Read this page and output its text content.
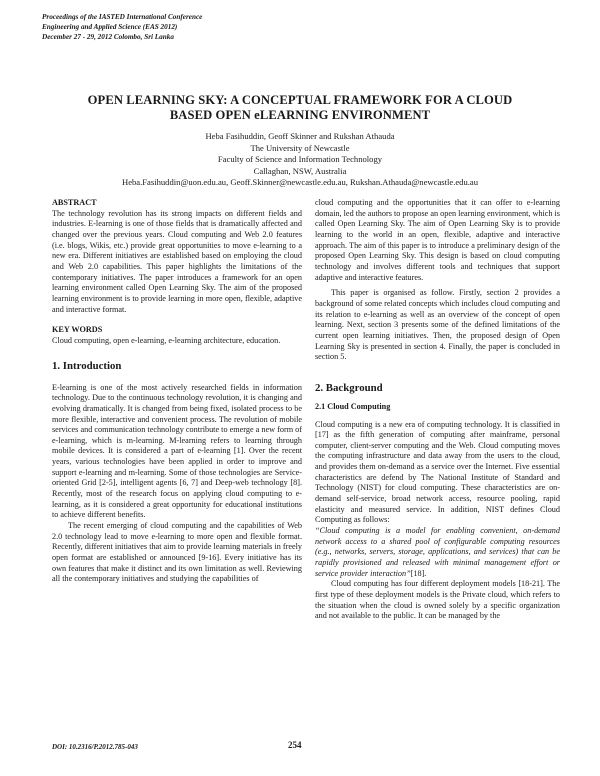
Proceedings of the IASTED International Conference
Engineering and Applied Science (EAS 2012)
December 27 - 29, 2012 Colombo, Sri Lanka
OPEN LEARNING SKY: A CONCEPTUAL FRAMEWORK FOR A CLOUD
BASED OPEN eLEARNING ENVIRONMENT
Heba Fasihuddin, Geoff Skinner and Rukshan Athauda
The University of Newcastle
Faculty of Science and Information Technology
Callaghan, NSW, Australia
Heba.Fasihuddin@uon.edu.au, Geoff.Skinner@newcastle.edu.au, Rukshan.Athauda@newcastle.edu.au
ABSTRACT

The technology revolution has its strong impacts on different fields and industries. E-learning is one of those fields that is dramatically affected and changed over the previous years. Cloud computing and Web 2.0 features (i.e. blogs, Wikis, etc.) provide great opportunities to move e-learning to a new era. Different initiatives are established based on employing the cloud and Web 2.0 capabilities. This paper highlights the limitations of the contemporary initiatives. The paper introduces a framework for an open learning environment called Open Learning Sky. The aim of the proposed learning environment is to provide learning in more open, flexible, adaptive and interactive format.

KEY WORDS

Cloud computing, open e-learning, e-learning architecture, education.

1. Introduction

E-learning is one of the most actively researched fields in information technology. Due to the continuous technology revolution, it is changing and evolving dramatically. It is changed from being fixed, isolated process to be more flexible, interactive and convenient process. The revolution of mobile services and communication technology contribute to emerge a new form of e-learning, which is m-learning. M-learning refers to learning through mobile devices. It is considered a part of e-learning [1]. Over the recent years, various technologies have been applied in order to improve and support e-learning and m-learning. Some of those technologies are Service-oriented Grid [2-5], intelligent agents [6, 7] and Deep-web technology [8]. Recently, most of the research focus on applying cloud computing to e-learning, as it is considered a great opportunity for educational institutions to achieve different benefits.

The recent emerging of cloud computing and the capabilities of Web 2.0 technology lead to move e-learning to more open and flexible format. Recently, different initiatives that aim to provide learning materials in freely open format are established or announced [9-16]. Every initiative has its own features that make it distinct and its own limitation as well. Reviewing all the contemporary initiatives and studying the capabilities of

cloud computing and the opportunities that it can offer to e-learning domain, led the authors to propose an open learning environment, which is called Open Learning Sky. The aim of Open Learning Sky is to provide learning to the world in an open, flexible, adaptive and interactive approach. The aim of this paper is to introduce a preliminary design of the proposed Open Learning Sky. This design is based on cloud computing technology and involves different tools and techniques that support adaptive and interactive features.

This paper is organised as follow. Firstly, section 2 provides a background of some related concepts which includes cloud computing and its relation to e-learning as well as an overview of the concept of open learning. Next, section 3 presents some of the defined limitations of the current open learning initiatives. Then, the proposed design of Open Learning Sky is presented in section 4. Finally, the paper is concluded in section 5.

2. Background
2.1 Cloud Computing

Cloud computing is a new era of computing technology. It is classified in [17] as the fifth generation of computing after mainframe, personal computer, client-server computing and the Web. Cloud computing moves the computing infrastructure and data away from the users to the cloud, and provides them on-demand as a service over the Internet. Five essential characteristics are defend by The National Institute of Standard and Technology (NIST) for cloud computing. These characteristics are on-demand self-service, broad network access, resource pooling, rapid elasticity and measured service. In addition, NIST defines Cloud Computing as follows:

“Cloud computing is a model for enabling convenient, on-demand network access to a shared pool of configurable computing resources (e.g., networks, servers, storage, applications, and services) that can be rapidly provisioned and released with minimal management effort or service provider interaction”[18].

Cloud computing has four different deployment models [18-21]. The first type of these deployment models is the Private cloud, which refers to the situation when the cloud is owned solely by a specific organization and not available to the public. It can be managed by the

DOI: 10.2316/P.2012.785-043	254
